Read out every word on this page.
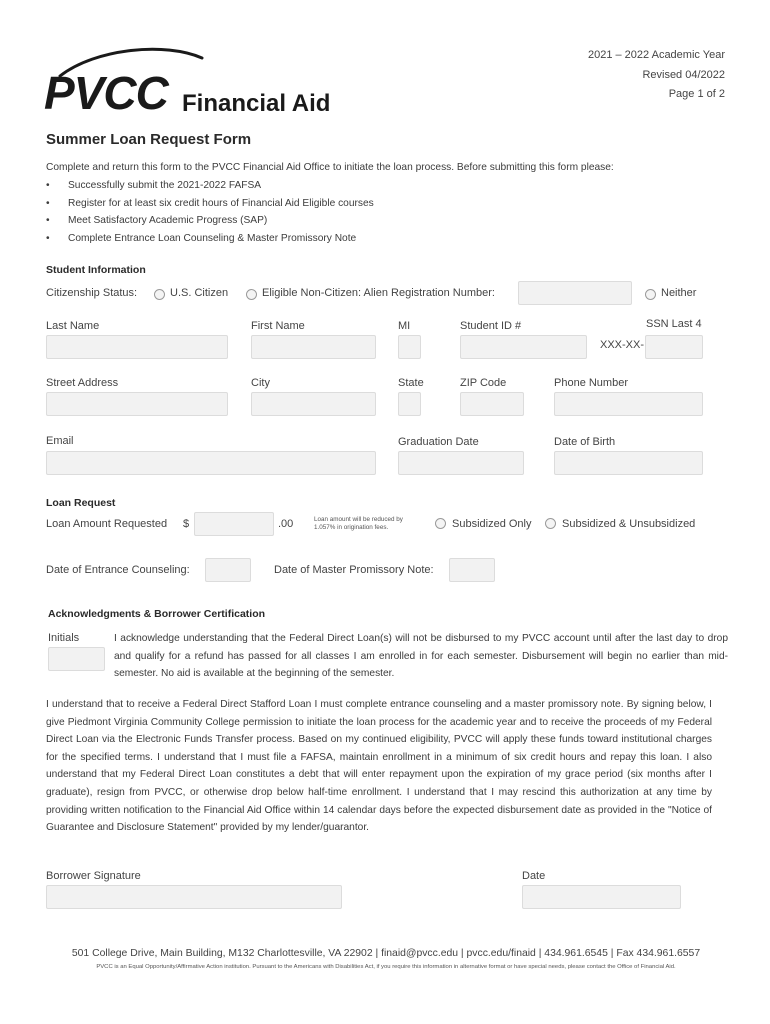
PVCC Financial Aid
2021 – 2022 Academic Year
Revised 04/2022
Page 1 of 2
Summer Loan Request Form
Complete and return this form to the PVCC Financial Aid Office to initiate the loan process. Before submitting this form please:
• Successfully submit the 2021-2022 FAFSA
• Register for at least six credit hours of Financial Aid Eligible courses
• Meet Satisfactory Academic Progress (SAP)
• Complete Entrance Loan Counseling & Master Promissory Note
Student Information
Citizenship Status:	U.S. Citizen	Eligible Non-Citizen: Alien Registration Number:	Neither
Last Name	First Name	MI	Student ID #	SSN Last 4
XXX-XX-
Street Address	City	State	ZIP Code	Phone Number
Email	Graduation Date	Date of Birth
Loan Request
Loan Amount Requested $	.00	Loan amount will be reduced by 1.057% in origination fees.	Subsidized Only	Subsidized & Unsubsidized
Date of Entrance Counseling:	Date of Master Promissory Note:
Acknowledgments & Borrower Certification
Initials	I acknowledge understanding that the Federal Direct Loan(s) will not be disbursed to my PVCC account until after the last day to drop and qualify for a refund has passed for all classes I am enrolled in for each semester. Disbursement will begin no earlier than mid-semester. No aid is available at the beginning of the semester.
I understand that to receive a Federal Direct Stafford Loan I must complete entrance counseling and a master promissory note. By signing below, I give Piedmont Virginia Community College permission to initiate the loan process for the academic year and to receive the proceeds of my Federal Direct Loan via the Electronic Funds Transfer process. Based on my continued eligibility, PVCC will apply these funds toward institutional charges for the specified terms. I understand that I must file a FAFSA, maintain enrollment in a minimum of six credit hours and repay this loan. I also understand that my Federal Direct Loan constitutes a debt that will enter repayment upon the expiration of my grace period (six months after I graduate), resign from PVCC, or otherwise drop below half-time enrollment. I understand that I may rescind this authorization at any time by providing written notification to the Financial Aid Office within 14 calendar days before the expected disbursement date as provided in the "Notice of Guarantee and Disclosure Statement" provided by my lender/guarantor.
Borrower Signature	Date
501 College Drive, Main Building, M132 Charlottesville, VA 22902 | finaid@pvcc.edu | pvcc.edu/finaid | 434.961.6545 | Fax 434.961.6557
PVCC is an Equal Opportunity/Affirmative Action institution. Pursuant to the Americans with Disabilities Act, if you require this information in alternative format or have special needs, please contact the Office of Financial Aid.
